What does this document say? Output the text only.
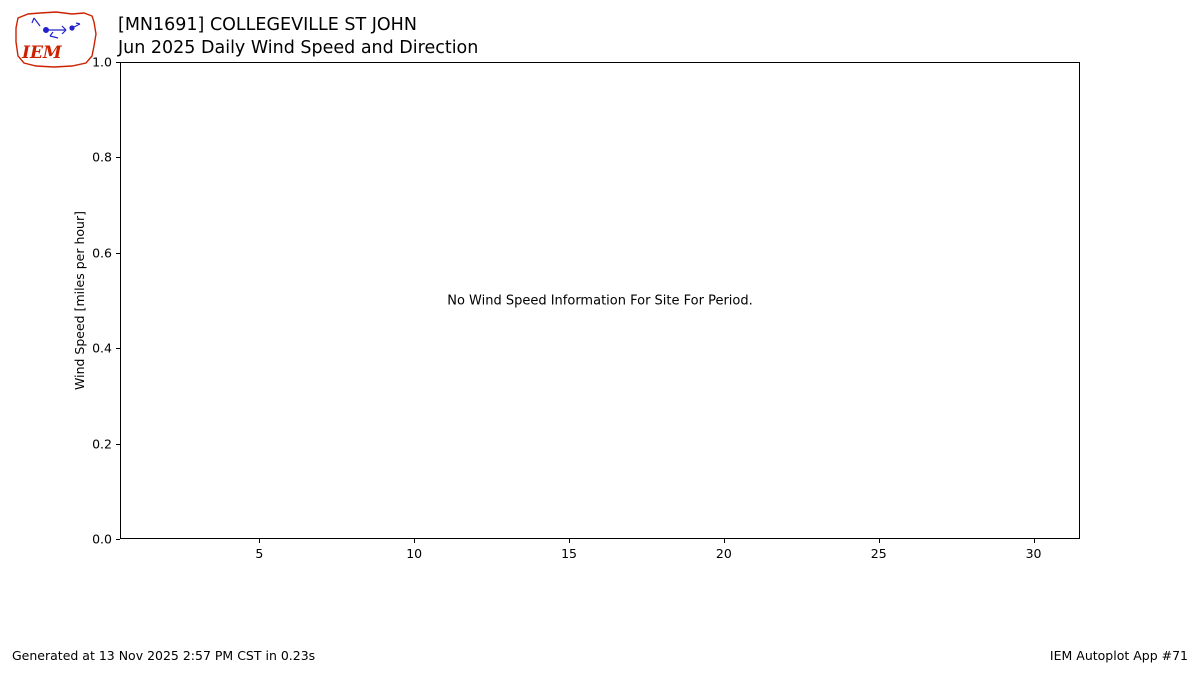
IEM
[MN1691] COLLEGEVILLE ST JOHN
Jun 2025 Daily Wind Speed and Direction
Wind Speed [miles per hour]
0.0
0.2
0.4
0.6
0.8
1.0
5	10	15	20	25	30
No Wind Speed Information For Site For Period.
Generated at 13 Nov 2025 2:57 PM CST in 0.23s	IEM Autoplot App #71
